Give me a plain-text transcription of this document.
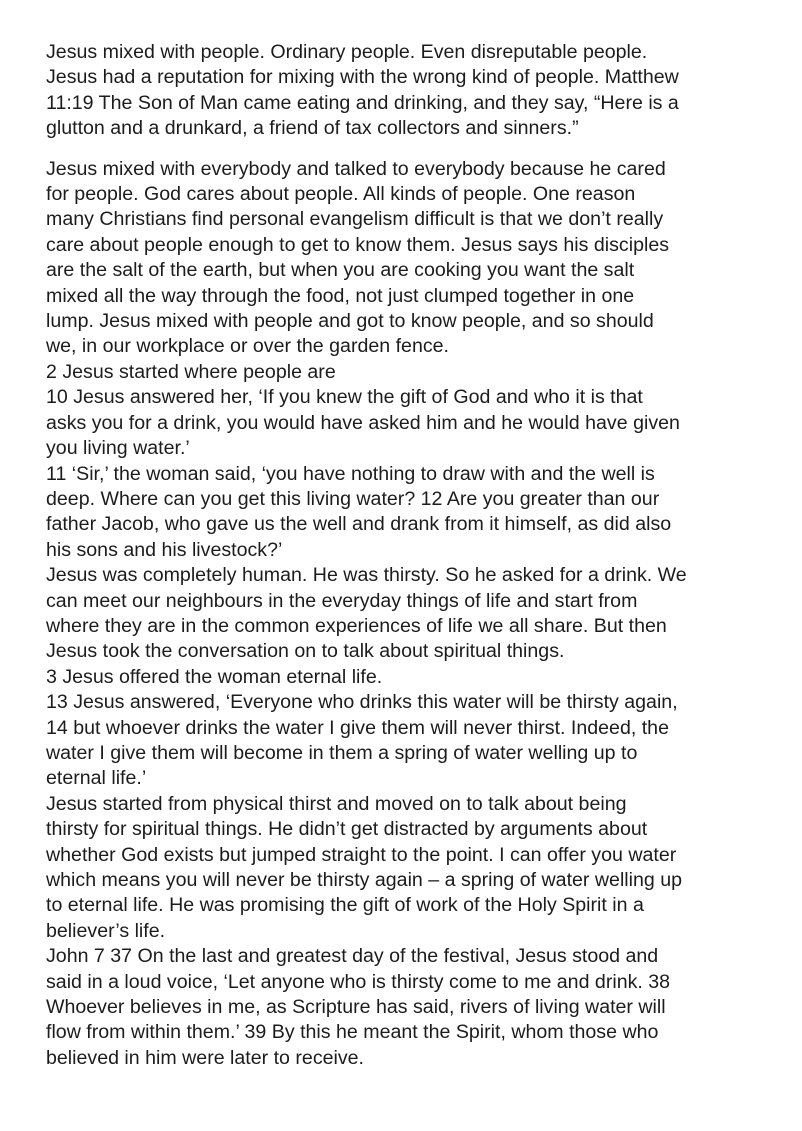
Jesus mixed with people. Ordinary people. Even disreputable people.
Jesus had a reputation for mixing with the wrong kind of people. Matthew
11:19 The Son of Man came eating and drinking, and they say, “Here is a
glutton and a drunkard, a friend of tax collectors and sinners.”

Jesus mixed with everybody and talked to everybody because he cared
for people. God cares about people. All kinds of people. One reason
many Christians find personal evangelism difficult is that we don’t really
care about people enough to get to know them. Jesus says his disciples
are the salt of the earth, but when you are cooking you want the salt
mixed all the way through the food, not just clumped together in one
lump. Jesus mixed with people and got to know people, and so should
we, in our workplace or over the garden fence.

2 Jesus started where people are

10 Jesus answered her, ‘If you knew the gift of God and who it is that
asks you for a drink, you would have asked him and he would have given
you living water.’

11 ‘Sir,’ the woman said, ‘you have nothing to draw with and the well is
deep. Where can you get this living water? 12 Are you greater than our
father Jacob, who gave us the well and drank from it himself, as did also
his sons and his livestock?’

Jesus was completely human. He was thirsty. So he asked for a drink. We
can meet our neighbours in the everyday things of life and start from
where they are in the common experiences of life we all share. But then
Jesus took the conversation on to talk about spiritual things.

3 Jesus offered the woman eternal life.

13 Jesus answered, ‘Everyone who drinks this water will be thirsty again,
14 but whoever drinks the water I give them will never thirst. Indeed, the
water I give them will become in them a spring of water welling up to
eternal life.’

Jesus started from physical thirst and moved on to talk about being
thirsty for spiritual things. He didn’t get distracted by arguments about
whether God exists but jumped straight to the point. I can offer you water
which means you will never be thirsty again – a spring of water welling up
to eternal life. He was promising the gift of work of the Holy Spirit in a
believer’s life.

John 7 37 On the last and greatest day of the festival, Jesus stood and
said in a loud voice, ‘Let anyone who is thirsty come to me and drink. 38
Whoever believes in me, as Scripture has said, rivers of living water will
flow from within them.’ 39 By this he meant the Spirit, whom those who
believed in him were later to receive.
